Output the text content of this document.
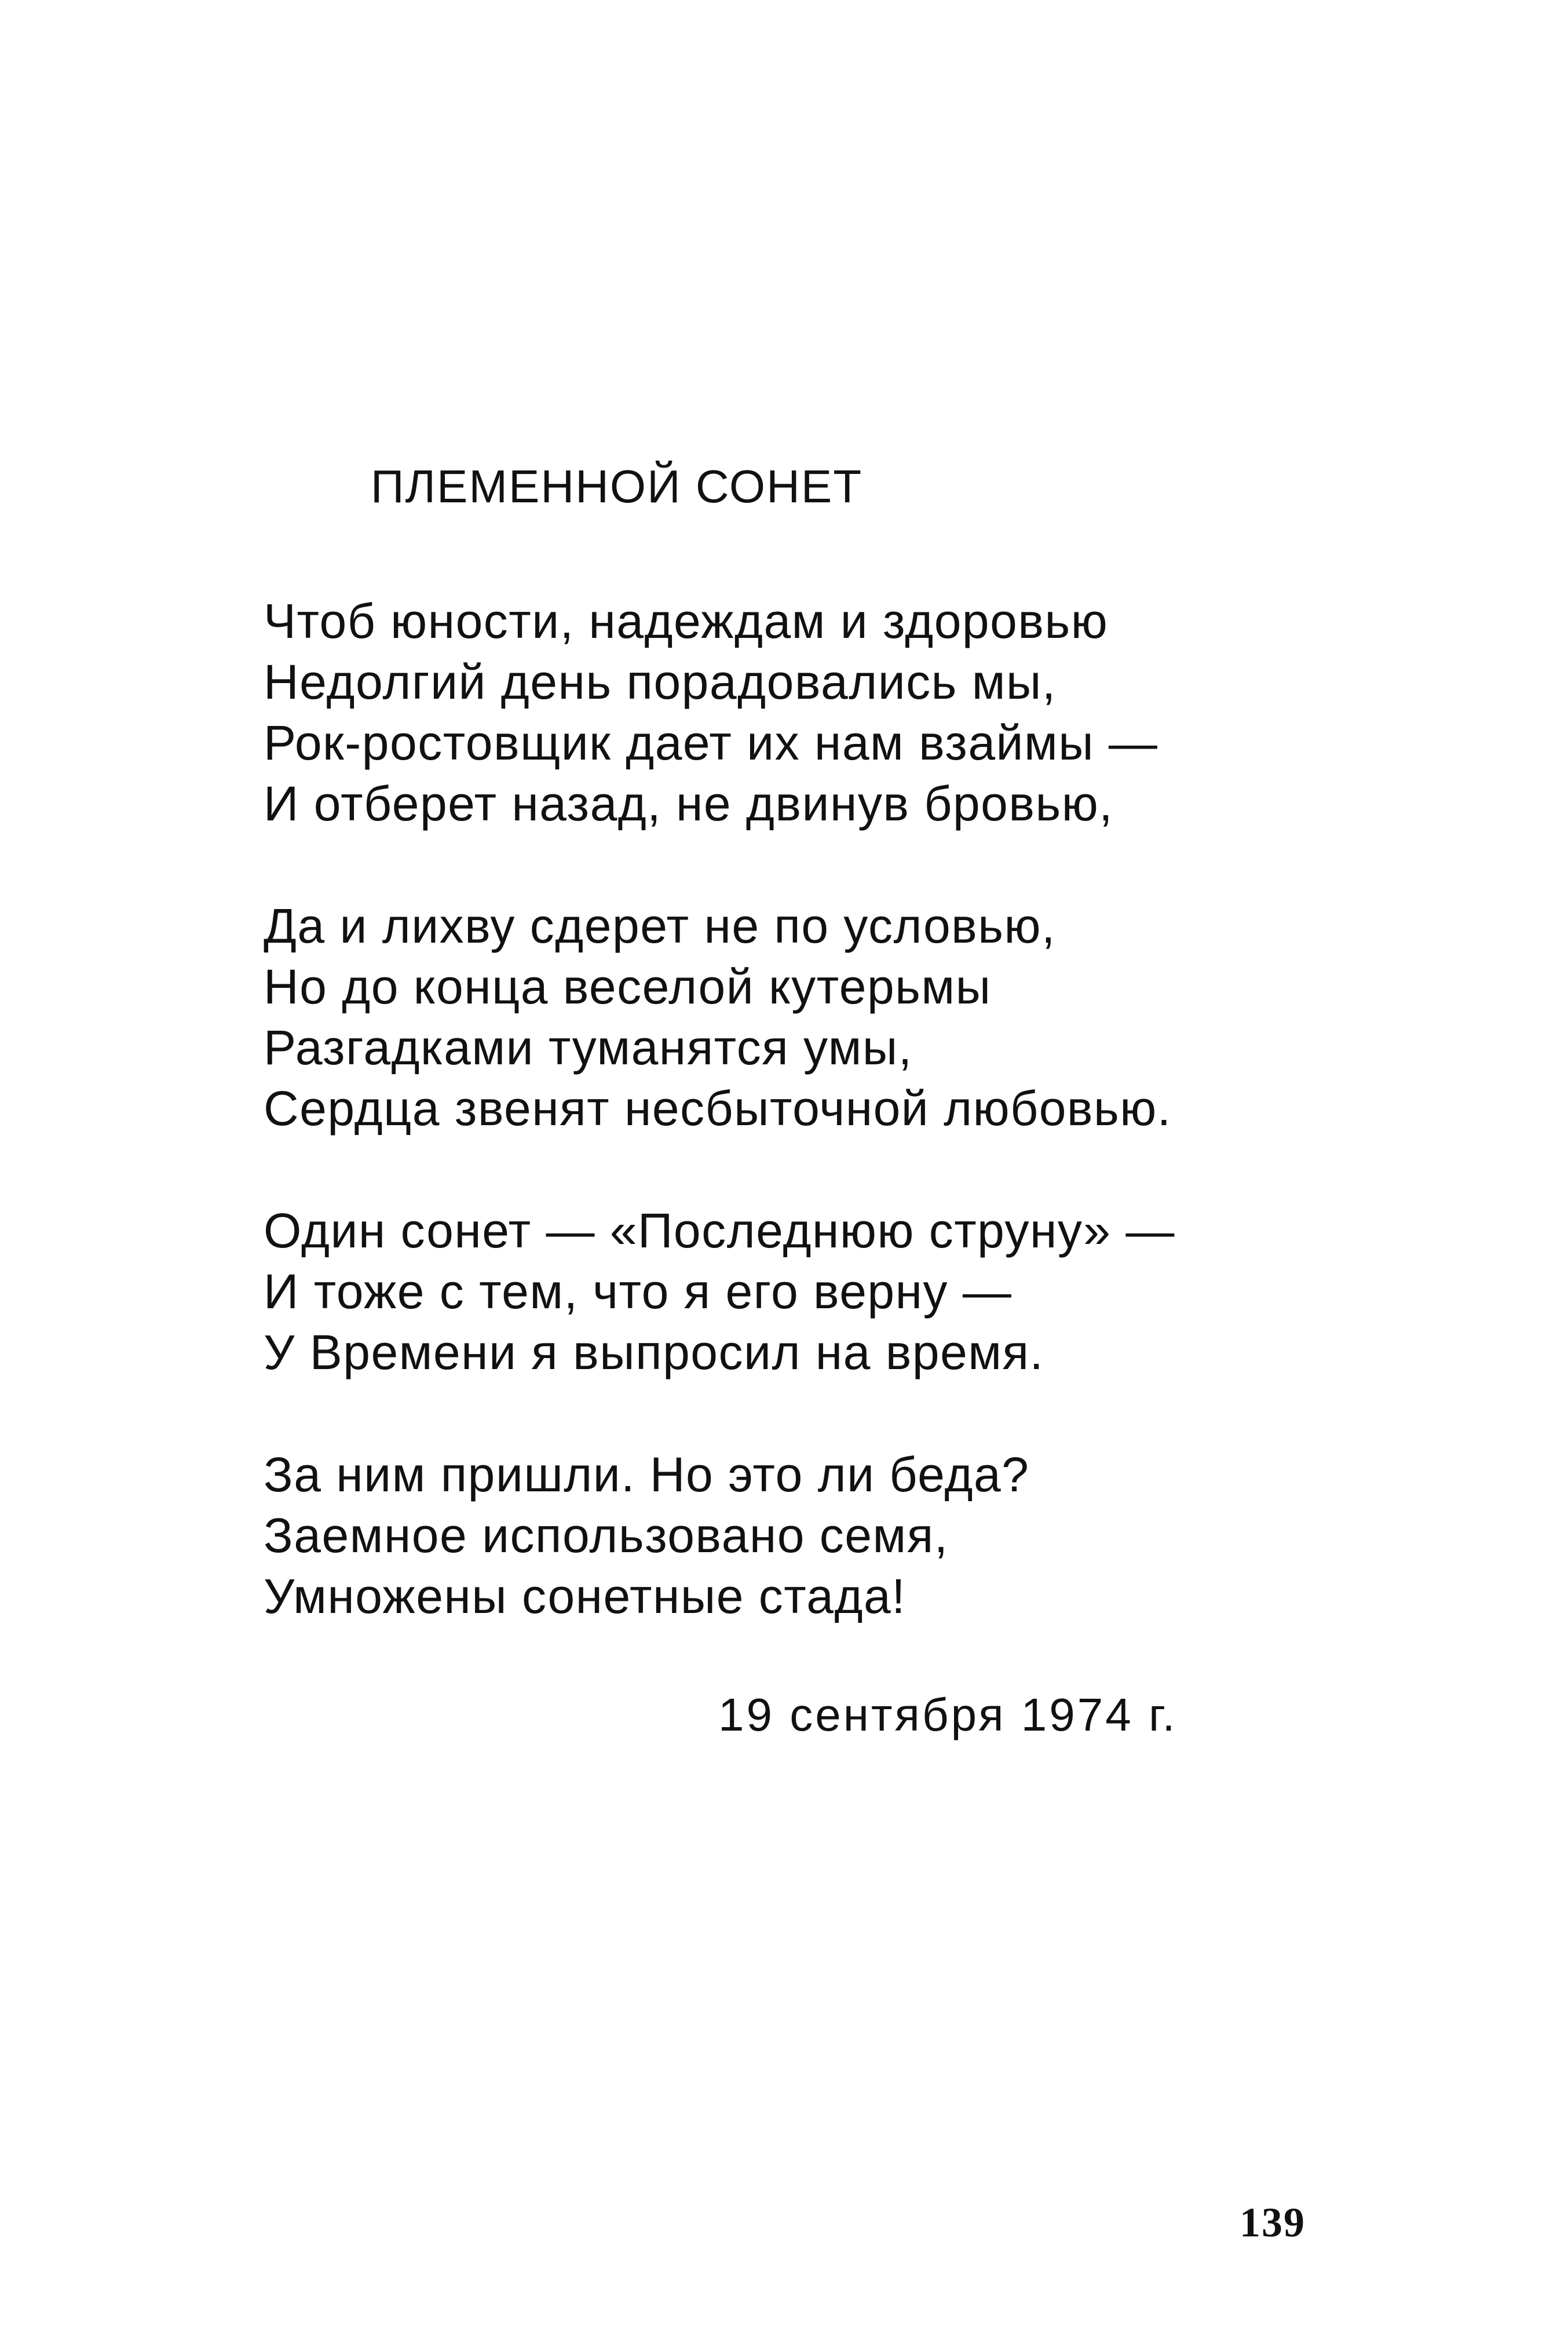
ПЛЕМЕННОЙ СОНЕТ
Чтоб юности, надеждам и здоровью
Недолгий день порадовались мы,
Рок-ростовщик дает их нам взаймы —
И отберет назад, не двинув бровью,
Да и лихву сдерет не по условью,
Но до конца веселой кутерьмы
Разгадками туманятся умы,
Сердца звенят несбыточной любовью.
Один сонет — «Последнюю струну» —
И тоже с тем, что я его верну —
У Времени я выпросил на время.
За ним пришли. Но это ли беда?
Заемное использовано семя,
Умножены сонетные стада!
19 сентября 1974 г.
139
